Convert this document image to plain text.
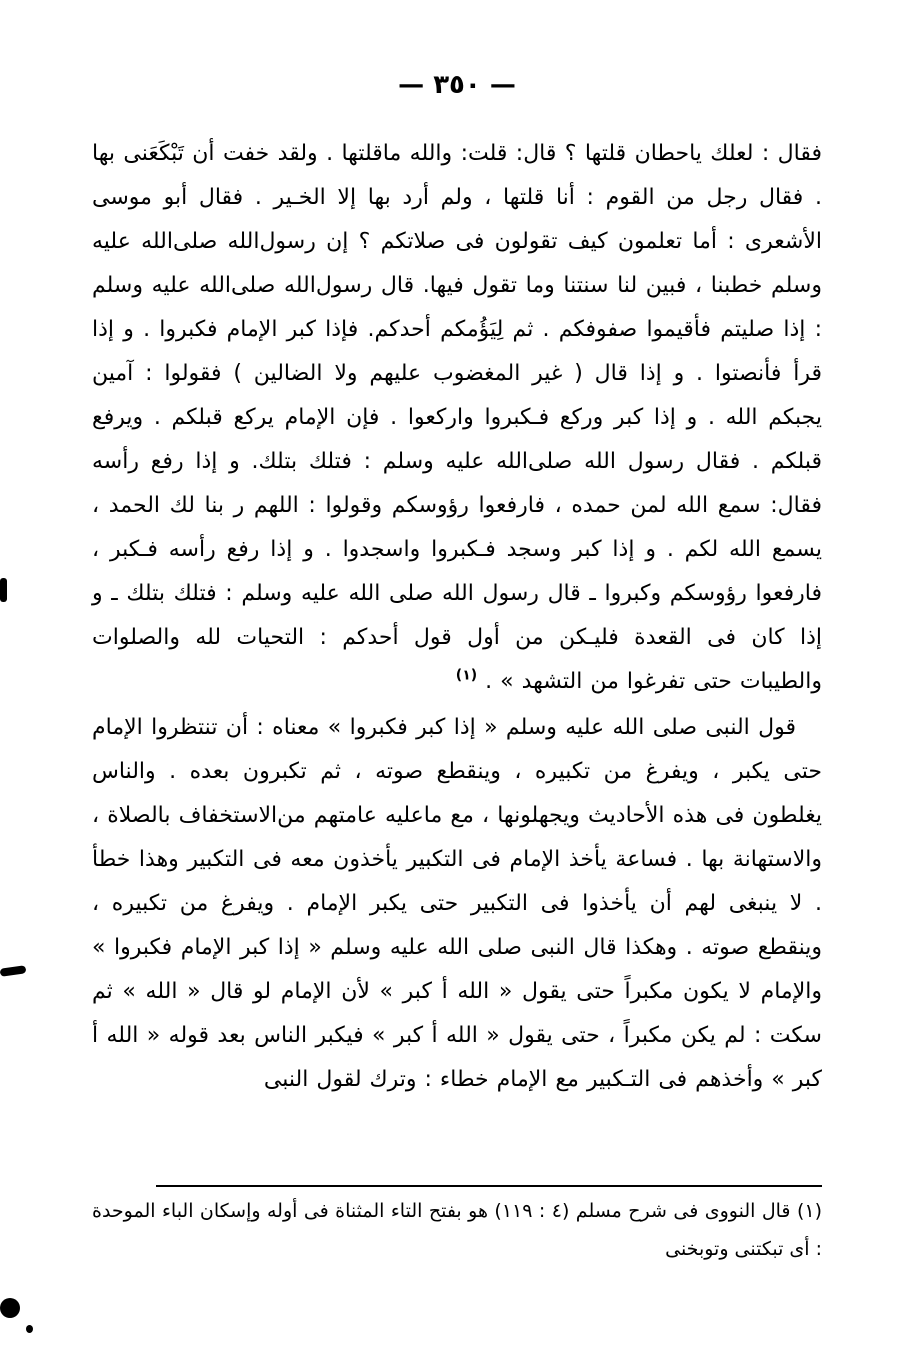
— ٣٥٠ —

فقال : لعلك ياحطان قلتها ؟ قال: قلت: والله ماقلتها . ولقد خفت أن تَبْكَعَنى بها . فقال رجل من القوم : أنا قلتها ، ولم أرد بها إلا الخـير . فقال أبو موسى الأشعرى : أما تعلمون كيف تقولون فى صلاتكم ؟ إن رسول‌الله صلى‌الله عليه وسلم خطبنا ، فبين لنا سنتنا وما تقول فيها. قال رسول‌الله صلى‌الله عليه وسلم : إذا صليتم فأقيموا صفوفكم . ثم لِيَؤُمكم أحدكم. فإذا كبر الإمام فكبروا . و إذا قرأ فأنصتوا . و إذا قال ( غير المغضوب عليهم ولا الضالين ) فقولوا : آمين يجبكم الله . و إذا كبر وركع فـكبروا واركعوا . فإن الإمام يركع قبلكم . ويرفع قبلكم . فقال رسول الله صلى‌الله عليه وسلم : فتلك بتلك. و إذا رفع رأسه فقال: سمع الله لمن حمده ، فارفعوا رؤوسكم وقولوا : اللهم ر بنا لك الحمد ، يسمع الله لكم . و إذا كبر وسجد فـكبروا واسجدوا . و إذا رفع رأسه فـكبر ، فارفعوا رؤوسكم وكبروا ـ قال رسول الله صلى الله عليه وسلم : فتلك بتلك ـ و إذا كان فى القعدة فليـكن من أول قول أحدكم : التحيات لله والصلوات والطيبات حتى تفرغوا من التشهد » . $^{(١)}$

قول النبى صلى الله عليه وسلم « إذا كبر فكبروا » معناه : أن تنتظروا الإمام حتى يكبر ، ويفرغ من تكبيره ، وينقطع صوته ، ثم تكبرون بعده . والناس يغلطون فى هذه الأحاديث ويجهلونها ، مع ماعليه عامتهم من‌الاستخفاف بالصلاة ، والاستهانة بها . فساعة يأخذ الإمام فى التكبير يأخذون معه فى التكبير وهذا خطأ . لا ينبغى لهم أن يأخذوا فى التكبير حتى يكبر الإمام . ويفرغ من تكبيره ، وينقطع صوته . وهكذا قال النبى صلى الله عليه وسلم « إذا كبر الإمام فكبروا » والإمام لا يكون مكبراً حتى يقول « الله أ كبر » لأن الإمام لو قال « الله » ثم سكت : لم يكن مكبراً ، حتى يقول « الله أ كبر » فيكبر الناس بعد قوله « الله أ كبر » وأخذهم فى التـكبير مع الإمام خطاء : وترك لقول النبى

(١) قال النووى فى شرح مسلم (٤ : ١١٩) هو بفتح التاء المثناة فى أوله وإسكان الباء الموحدة : أى تبكتنى وتوبخنى
